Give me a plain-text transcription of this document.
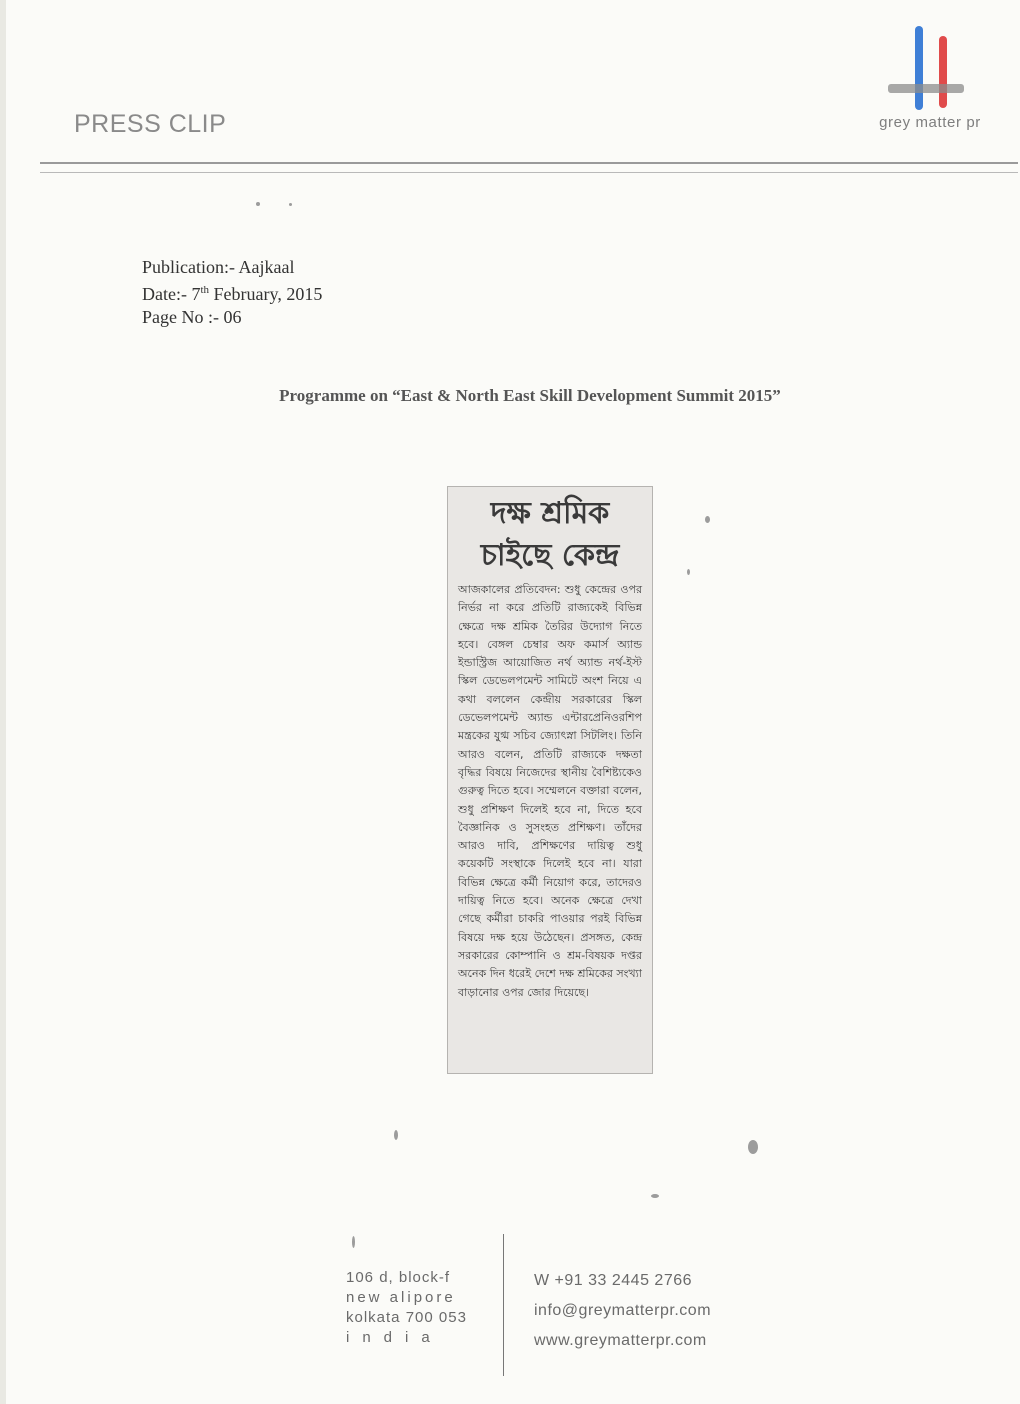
PRESS CLIP	grey matter pr
Publication:- Aajkaal
Date:- 7th February, 2015
Page No :- 06
Programme on “East & North East Skill Development Summit 2015”
দক্ষ শ্রমিক
চাইছে কেন্দ্র
আজকালের প্রতিবেদন: শুধু কেন্দ্রের ওপর নির্ভর না করে প্রতিটি রাজ্যকেই বিভিন্ন ক্ষেত্রে দক্ষ শ্রমিক তৈরির উদ্যোগ নিতে হবে। বেঙ্গল চেম্বার অফ কমার্স অ্যান্ড ইন্ডাস্ট্রিজ আয়োজিত নর্থ অ্যান্ড নর্থ-ইস্ট স্কিল ডেভেলপমেন্ট সামিটে অংশ নিয়ে এ কথা বললেন কেন্দ্রীয় সরকারের স্কিল ডেভেলপমেন্ট অ্যান্ড এন্টারপ্রেনিওরশিপ মন্ত্রকের যুগ্ম সচিব জ্যোৎস্না সিটলিং। তিনি আরও বলেন, প্রতিটি রাজ্যকে দক্ষতা বৃদ্ধির বিষয়ে নিজেদের স্থানীয় বৈশিষ্ট্যকেও গুরুত্ব দিতে হবে। সম্মেলনে বক্তারা বলেন, শুধু প্রশিক্ষণ দিলেই হবে না, দিতে হবে বৈজ্ঞানিক ও সুসংহত প্রশিক্ষণ। তাঁদের আরও দাবি, প্রশিক্ষণের দায়িত্ব শুধু কয়েকটি সংস্থাকে দিলেই হবে না। যারা বিভিন্ন ক্ষেত্রে কর্মী নিয়োগ করে, তাদেরও দায়িত্ব নিতে হবে। অনেক ক্ষেত্রে দেখা গেছে কর্মীরা চাকরি পাওয়ার পরই বিভিন্ন বিষয়ে দক্ষ হয়ে উঠেছেন। প্রসঙ্গত, কেন্দ্র সরকারের কোম্পানি ও শ্রম-বিষয়ক দপ্তর অনেক দিন ধরেই দেশে দক্ষ শ্রমিকের সংখ্যা বাড়ানোর ওপর জোর দিয়েছে।
106 d, block-f
new alipore
kolkata 700 053
india
W +91 33 2445 2766
info@greymatterpr.com
www.greymatterpr.com
